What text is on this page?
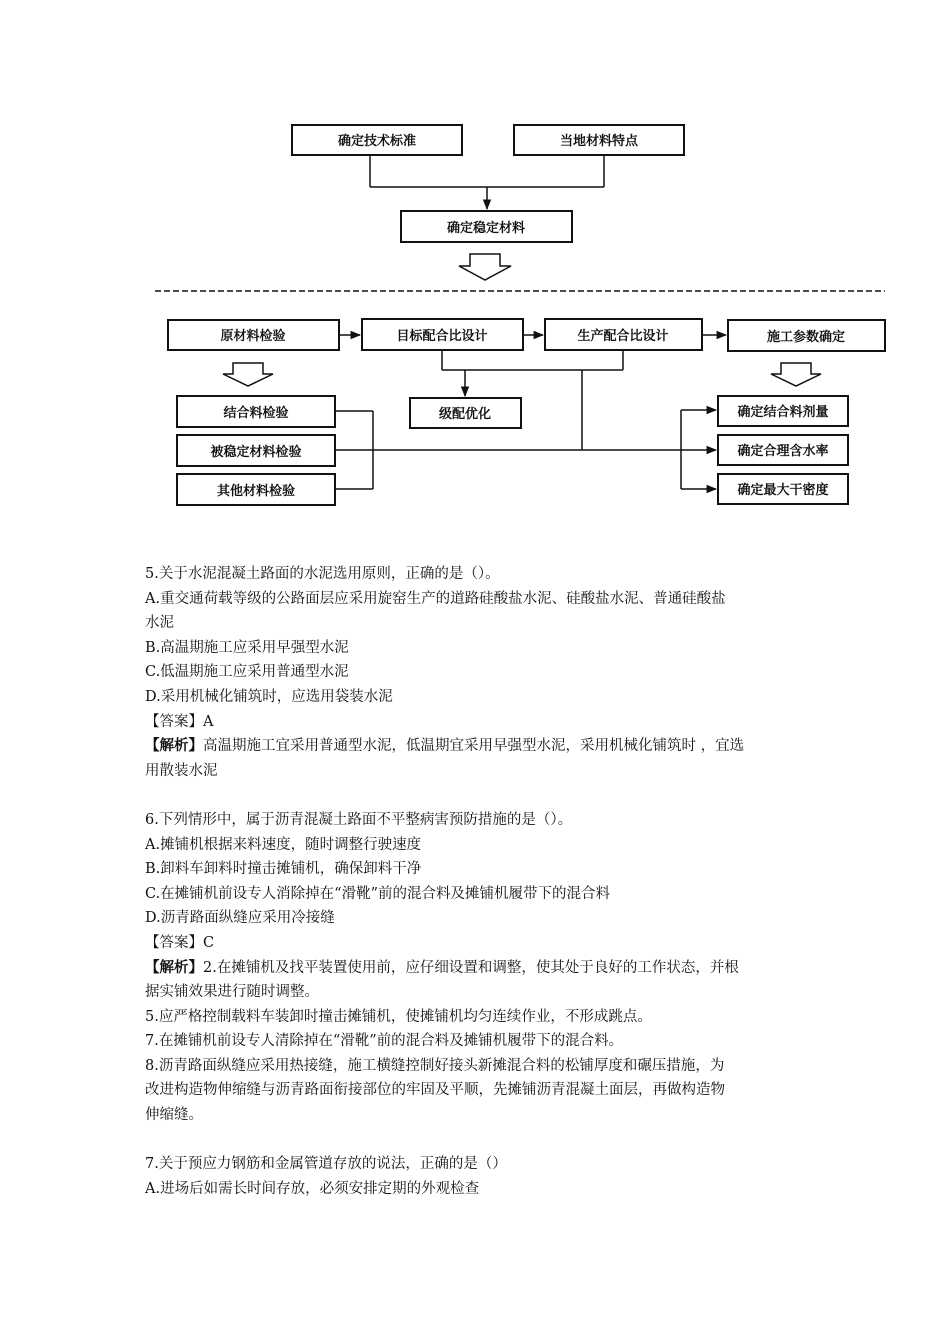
确定技术标准	当地材料特点
确定稳定材料
原材料检验	目标配合比设计	生产配合比设计	施工参数确定
结合料检验
被稳定材料检验
其他材料检验
级配优化	确定结合料剂量
确定合理含水率
确定最大干密度
5.关于水泥混凝土路面的水泥选用原则，正确的是（）。
A.重交通荷载等级的公路面层应采用旋窑生产的道路硅酸盐水泥、硅酸盐水泥、普通硅酸盐
水泥
B.高温期施工应采用早强型水泥
C.低温期施工应采用普通型水泥
D.采用机械化铺筑时，应选用袋装水泥
【答案】A
【解析】高温期施工宜采用普通型水泥，低温期宜采用早强型水泥，采用机械化铺筑时 ，宜选
用散装水泥
6.下列情形中，属于沥青混凝土路面不平整病害预防措施的是（）。
A.摊铺机根据来料速度，随时调整行驶速度
B.卸料车卸料时撞击摊铺机，确保卸料干净
C.在摊铺机前设专人消除掉在“滑靴”前的混合料及摊铺机履带下的混合料
D.沥青路面纵缝应采用冷接缝
【答案】C
【解析】2.在摊铺机及找平装置使用前，应仔细设置和调整，使其处于良好的工作状态，并根
据实铺效果进行随时调整。
5.应严格控制载料车装卸时撞击摊铺机，使摊铺机均匀连续作业，不形成跳点。
7.在摊铺机前设专人清除掉在“滑靴”前的混合料及摊铺机履带下的混合料。
8.沥青路面纵缝应采用热接缝，施工横缝控制好接头新摊混合料的松铺厚度和碾压措施，为
改进构造物伸缩缝与沥青路面衔接部位的牢固及平顺，先摊铺沥青混凝土面层，再做构造物
伸缩缝。
7.关于预应力钢筋和金属管道存放的说法，正确的是（）
A.进场后如需长时间存放，必须安排定期的外观检查
